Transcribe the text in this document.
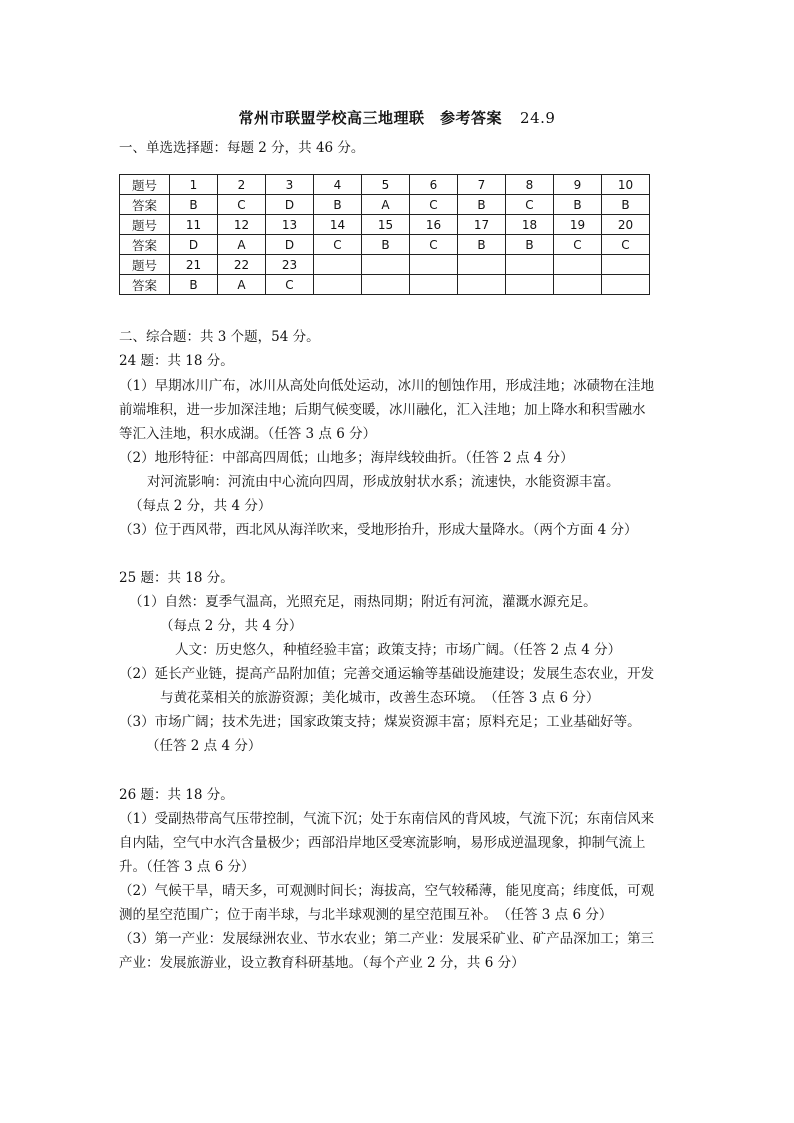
常州市联盟学校高三地理联　参考答案 24.9
一、单选选择题：每题 2 分，共 46 分。
题号	1	2	3	4	5	6	7	8	9	10
答案	B	C	D	B	A	C	B	C	B	B
题号	11	12	13	14	15	16	17	18	19	20
答案	D	A	D	C	B	C	B	B	C	C
题号	21	22	23							
答案	B	A	C							
二、综合题：共 3 个题，54 分。
24 题：共 18 分。
（1）早期冰川广布，冰川从高处向低处运动，冰川的刨蚀作用，形成洼地；冰碛物在洼地
前端堆积，进一步加深洼地；后期气候变暖，冰川融化，汇入洼地；加上降水和积雪融水
等汇入洼地，积水成湖。（任答 3 点 6 分）
（2）地形特征：中部高四周低；山地多；海岸线较曲折。（任答 2 点 4 分）
对河流影响：河流由中心流向四周，形成放射状水系；流速快，水能资源丰富。
（每点 2 分，共 4 分）
（3）位于西风带，西北风从海洋吹来，受地形抬升，形成大量降水。（两个方面 4 分）
25 题：共 18 分。
（1）自然：夏季气温高，光照充足，雨热同期；附近有河流，灌溉水源充足。
（每点 2 分，共 4 分）
人文：历史悠久，种植经验丰富；政策支持；市场广阔。（任答 2 点 4 分）
（2）延长产业链，提高产品附加值；完善交通运输等基础设施建设；发展生态农业，开发
与黄花菜相关的旅游资源；美化城市，改善生态环境。　（任答 3 点 6 分）
（3）市场广阔；技术先进；国家政策支持；煤炭资源丰富；原料充足；工业基础好等。
（任答 2 点 4 分）
26 题：共 18 分。
（1）受副热带高气压带控制，气流下沉；处于东南信风的背风坡，气流下沉；东南信风来
自内陆，空气中水汽含量极少；西部沿岸地区受寒流影响，易形成逆温现象，抑制气流上
升。（任答 3 点 6 分）
（2）气候干旱，晴天多，可观测时间长；海拔高，空气较稀薄，能见度高；纬度低，可观
测的星空范围广；位于南半球，与北半球观测的星空范围互补。　（任答 3 点 6 分）
（3）第一产业：发展绿洲农业、节水农业；第二产业：发展采矿业、矿产品深加工；第三
产业：发展旅游业，设立教育科研基地。（每个产业 2 分，共 6 分）
